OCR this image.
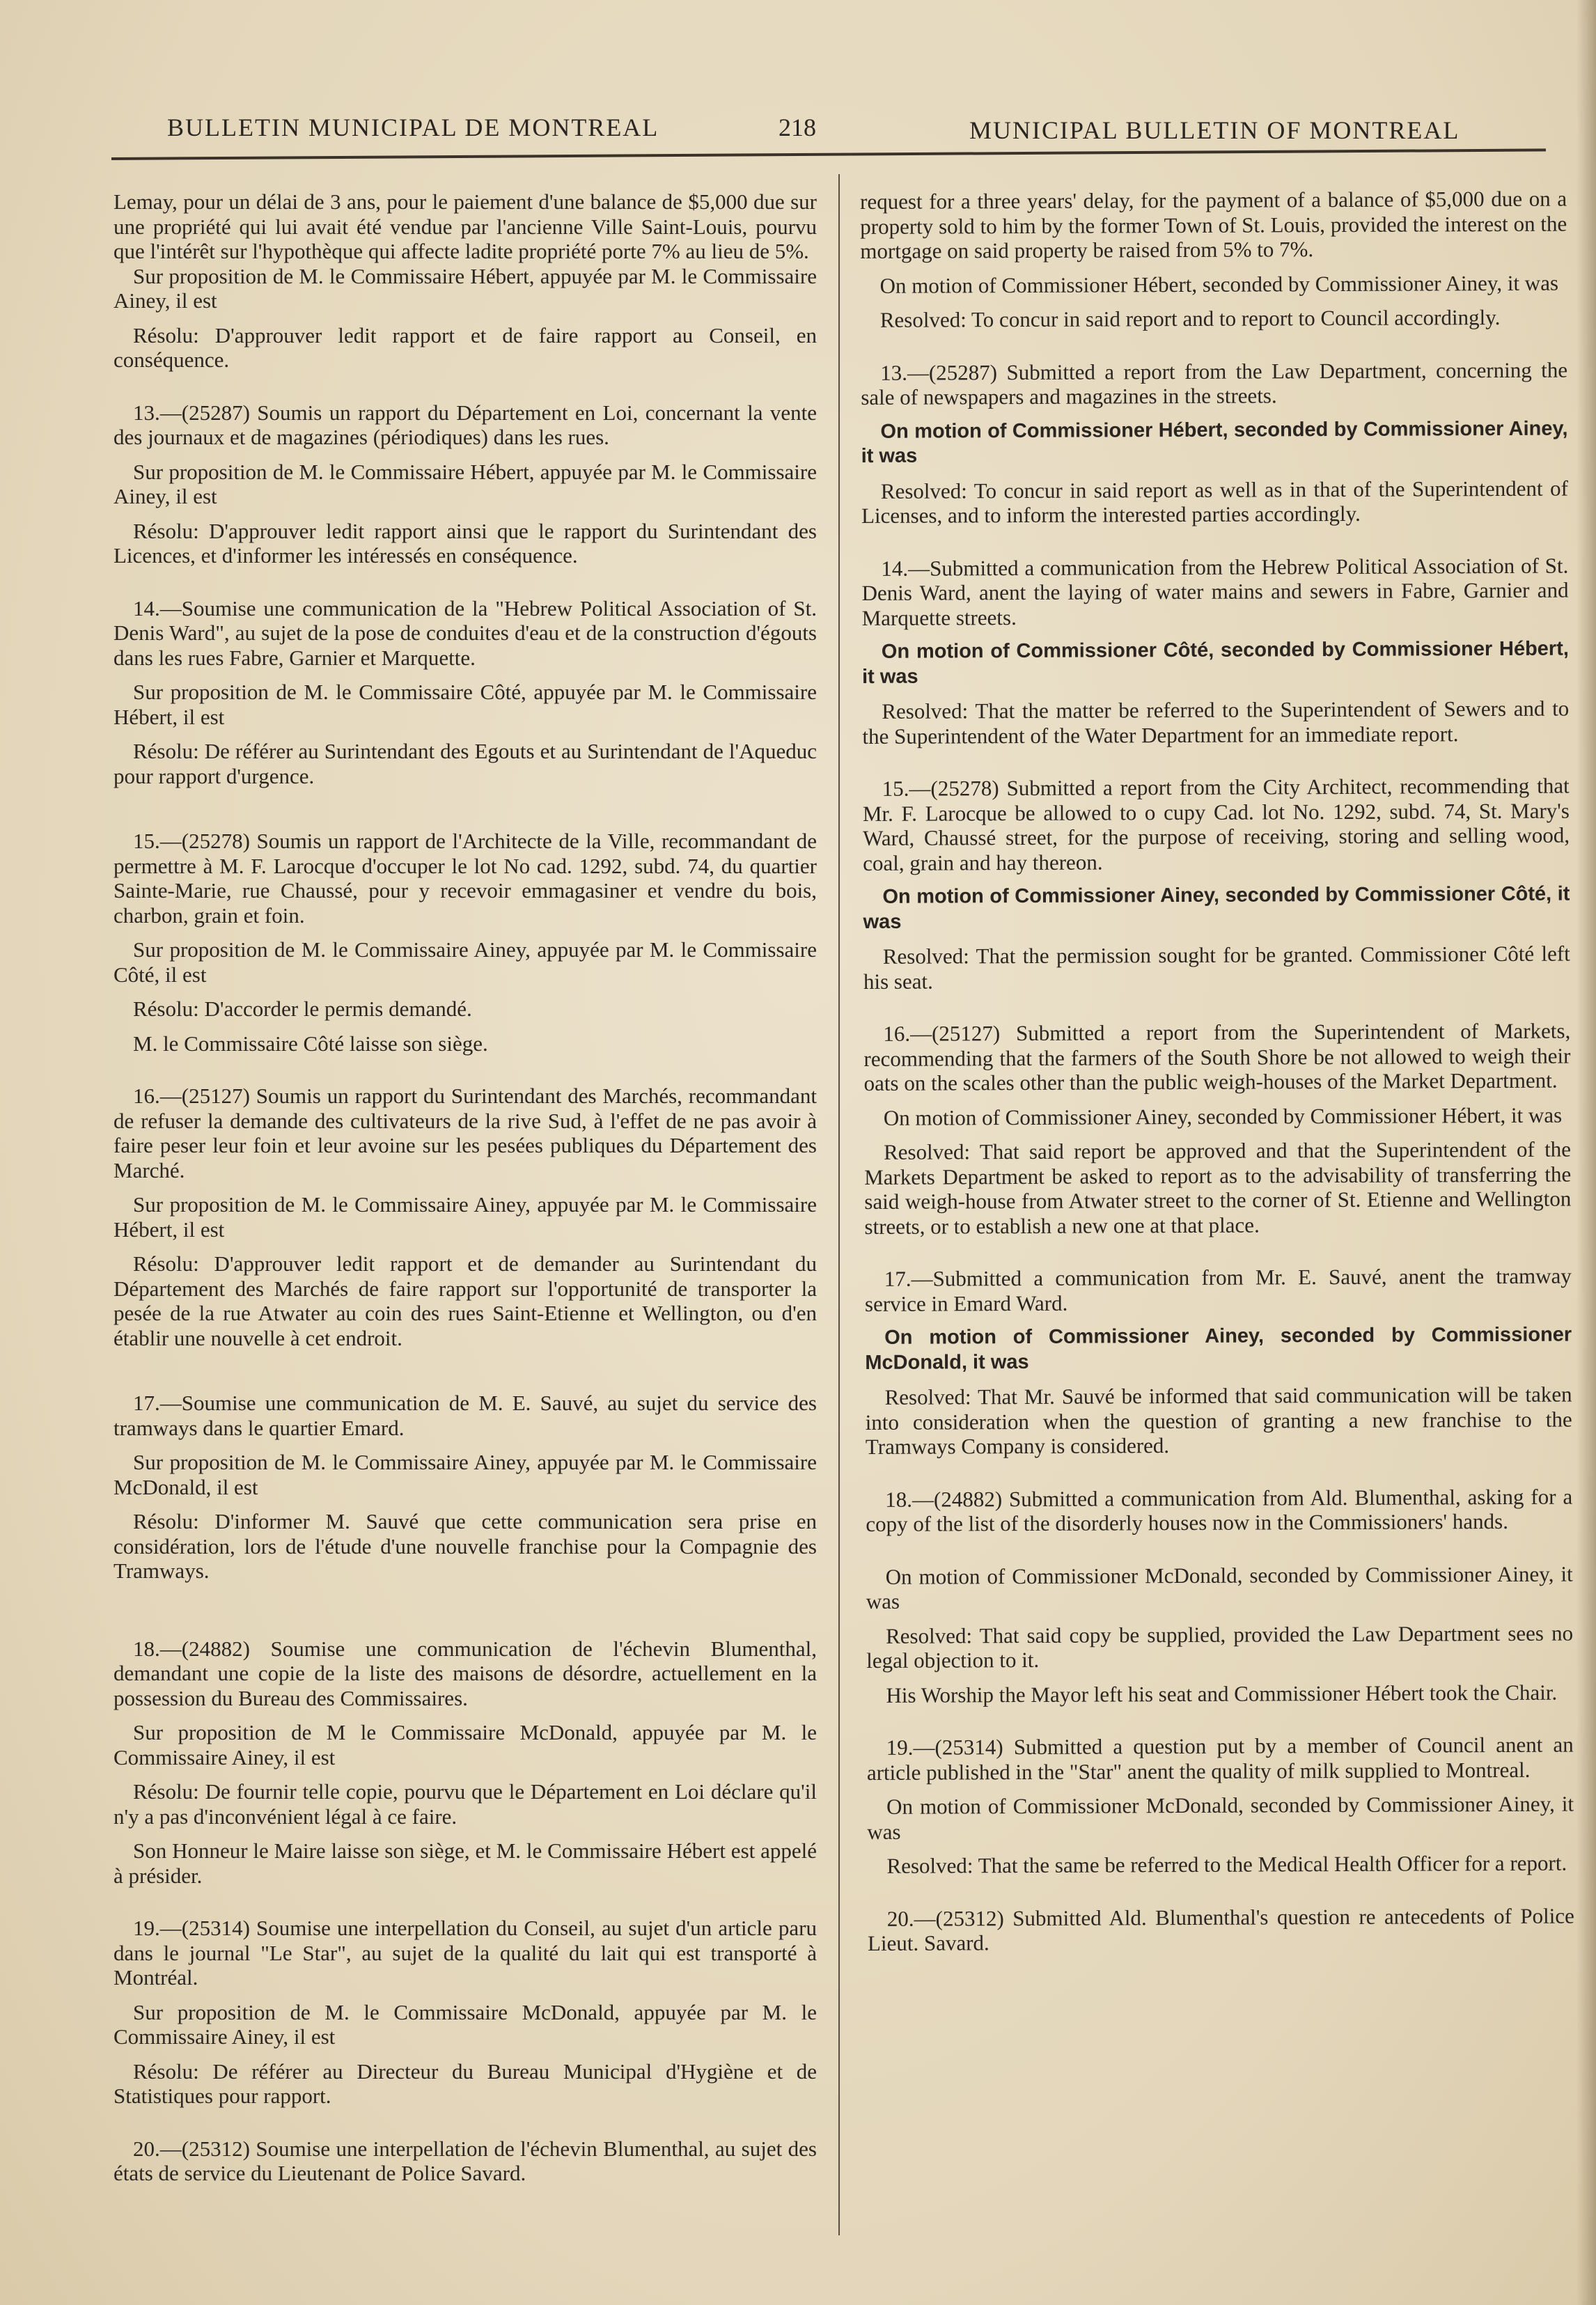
BULLETIN MUNICIPAL DE MONTREAL	218	MUNICIPAL BULLETIN OF MONTREAL

Lemay, pour un délai de 3 ans, pour le paiement d'une balance de $5,000 due sur une propriété qui lui avait été vendue par l'ancienne Ville Saint-Louis, pourvu que l'intérêt sur l'hypothèque qui affecte ladite propriété porte 7% au lieu de 5%.

Sur proposition de M. le Commissaire Hébert, appuyée par M. le Commissaire Ainey, il est

Résolu: D'approuver ledit rapport et de faire rapport au Conseil, en conséquence.

13.—(25287) Soumis un rapport du Département en Loi, concernant la vente des journaux et de magazines (périodiques) dans les rues.

Sur proposition de M. le Commissaire Hébert, appuyée par M. le Commissaire Ainey, il est

Résolu: D'approuver ledit rapport ainsi que le rapport du Surintendant des Licences, et d'informer les intéressés en conséquence.

14.—Soumise une communication de la "Hebrew Political Association of St. Denis Ward", au sujet de la pose de conduites d'eau et de la construction d'égouts dans les rues Fabre, Garnier et Marquette.

Sur proposition de M. le Commissaire Côté, appuyée par M. le Commissaire Hébert, il est

Résolu: De référer au Surintendant des Egouts et au Surintendant de l'Aqueduc pour rapport d'urgence.

15.—(25278) Soumis un rapport de l'Architecte de la Ville, recommandant de permettre à M. F. Larocque d'occuper le lot No cad. 1292, subd. 74, du quartier Sainte-Marie, rue Chaussé, pour y recevoir emmagasiner et vendre du bois, charbon, grain et foin.

Sur proposition de M. le Commissaire Ainey, appuyée par M. le Commissaire Côté, il est

Résolu: D'accorder le permis demandé.

M. le Commissaire Côté laisse son siège.

16.—(25127) Soumis un rapport du Surintendant des Marchés, recommandant de refuser la demande des cultivateurs de la rive Sud, à l'effet de ne pas avoir à faire peser leur foin et leur avoine sur les pesées publiques du Département des Marché.

Sur proposition de M. le Commissaire Ainey, appuyée par M. le Commissaire Hébert, il est

Résolu: D'approuver ledit rapport et de demander au Surintendant du Département des Marchés de faire rapport sur l'opportunité de transporter la pesée de la rue Atwater au coin des rues Saint-Etienne et Wellington, ou d'en établir une nouvelle à cet endroit.

17.—Soumise une communication de M. E. Sauvé, au sujet du service des tramways dans le quartier Emard.

Sur proposition de M. le Commissaire Ainey, appuyée par M. le Commissaire McDonald, il est

Résolu: D'informer M. Sauvé que cette communication sera prise en considération, lors de l'étude d'une nouvelle franchise pour la Compagnie des Tramways.

18.—(24882) Soumise une communication de l'échevin Blumenthal, demandant une copie de la liste des maisons de désordre, actuellement en la possession du Bureau des Commissaires.

Sur proposition de M le Commissaire McDonald, appuyée par M. le Commissaire Ainey, il est

Résolu: De fournir telle copie, pourvu que le Département en Loi déclare qu'il n'y a pas d'inconvénient légal à ce faire.

Son Honneur le Maire laisse son siège, et M. le Commissaire Hébert est appelé à présider.

19.—(25314) Soumise une interpellation du Conseil, au sujet d'un article paru dans le journal "Le Star", au sujet de la qualité du lait qui est transporté à Montréal.

Sur proposition de M. le Commissaire McDonald, appuyée par M. le Commissaire Ainey, il est

Résolu: De référer au Directeur du Bureau Municipal d'Hygiène et de Statistiques pour rapport.

20.—(25312) Soumise une interpellation de l'échevin Blumenthal, au sujet des états de service du Lieutenant de Police Savard.

request for a three years' delay, for the payment of a balance of $5,000 due on a property sold to him by the former Town of St. Louis, provided the interest on the mortgage on said property be raised from 5% to 7%.

On motion of Commissioner Hébert, seconded by Commissioner Ainey, it was

Resolved: To concur in said report and to report to Council accordingly.

13.—(25287) Submitted a report from the Law Department, concerning the sale of newspapers and magazines in the streets.

On motion of Commissioner Hébert, seconded by Commissioner Ainey, it was

Resolved: To concur in said report as well as in that of the Superintendent of Licenses, and to inform the interested parties accordingly.

14.—Submitted a communication from the Hebrew Political Association of St. Denis Ward, anent the laying of water mains and sewers in Fabre, Garnier and Marquette streets.

On motion of Commissioner Côté, seconded by Commissioner Hébert, it was

Resolved: That the matter be referred to the Superintendent of Sewers and to the Superintendent of the Water Department for an immediate report.

15.—(25278) Submitted a report from the City Architect, recommending that Mr. F. Larocque be allowed to o cupy Cad. lot No. 1292, subd. 74, St. Mary's Ward, Chaussé street, for the purpose of receiving, storing and selling wood, coal, grain and hay thereon.

On motion of Commissioner Ainey, seconded by Commissioner Côté, it was

Resolved: That the permission sought for be granted. Commissioner Côté left his seat.

16.—(25127) Submitted a report from the Superintendent of Markets, recommending that the farmers of the South Shore be not allowed to weigh their oats on the scales other than the public weigh-houses of the Market Department.

On motion of Commissioner Ainey, seconded by Commissioner Hébert, it was

Resolved: That said report be approved and that the Superintendent of the Markets Department be asked to report as to the advisability of transferring the said weigh-house from Atwater street to the corner of St. Etienne and Wellington streets, or to establish a new one at that place.

17.—Submitted a communication from Mr. E. Sauvé, anent the tramway service in Emard Ward.

On motion of Commissioner Ainey, seconded by Commissioner McDonald, it was

Resolved: That Mr. Sauvé be informed that said communication will be taken into consideration when the question of granting a new franchise to the Tramways Company is considered.

18.—(24882) Submitted a communication from Ald. Blumenthal, asking for a copy of the list of the disorderly houses now in the Commissioners' hands.

On motion of Commissioner McDonald, seconded by Commissioner Ainey, it was

Resolved: That said copy be supplied, provided the Law Department sees no legal objection to it.

His Worship the Mayor left his seat and Commissioner Hébert took the Chair.

19.—(25314) Submitted a question put by a member of Council anent an article published in the "Star" anent the quality of milk supplied to Montreal.

On motion of Commissioner McDonald, seconded by Commissioner Ainey, it was

Resolved: That the same be referred to the Medical Health Officer for a report.

20.—(25312) Submitted Ald. Blumenthal's question re antecedents of Police Lieut. Savard.
